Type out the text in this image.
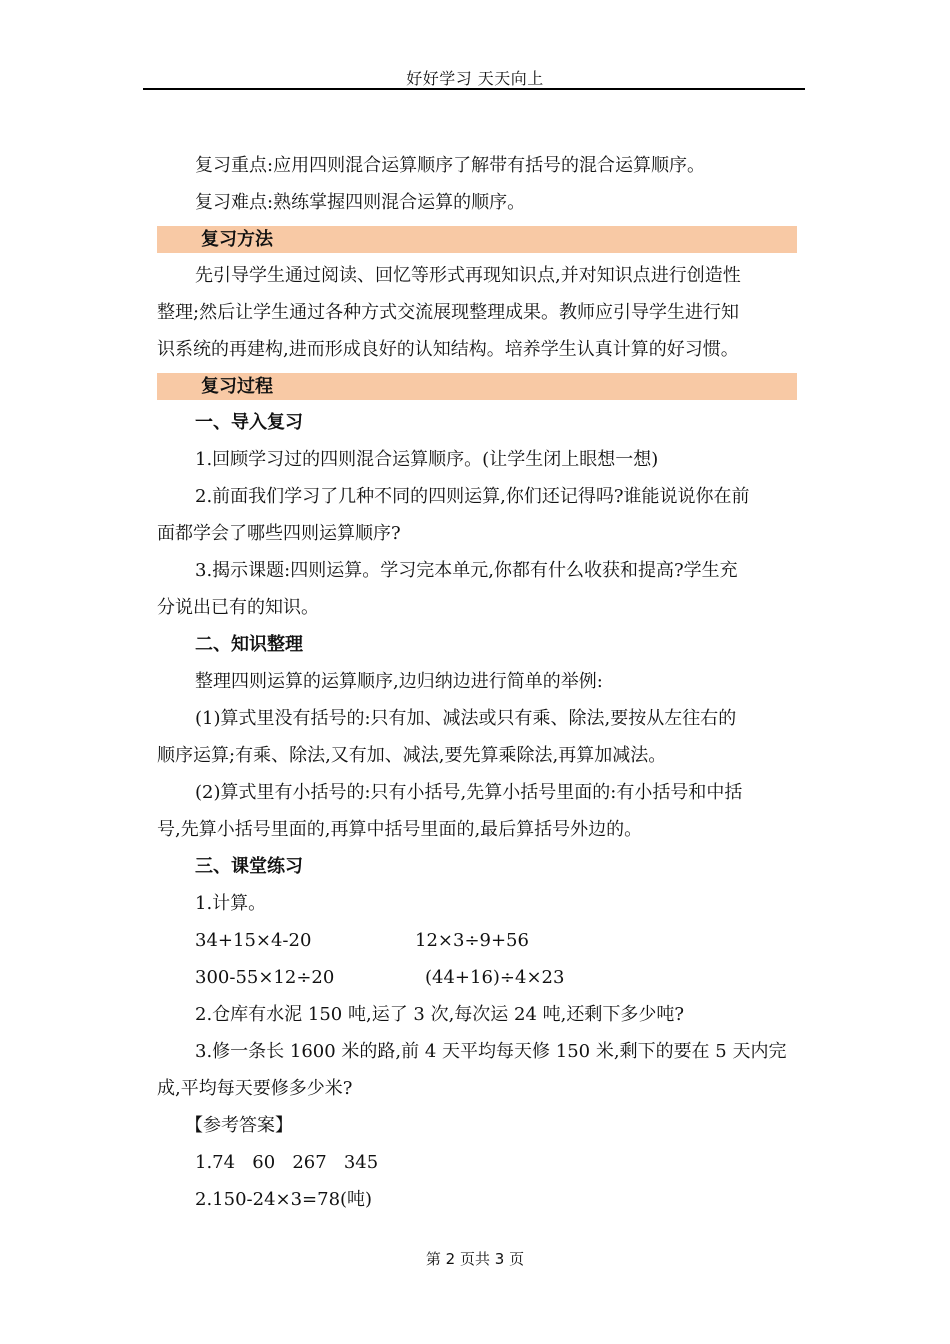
好好学习 天天向上
复习重点:应用四则混合运算顺序了解带有括号的混合运算顺序。
复习难点:熟练掌握四则混合运算的顺序。
复习方法
先引导学生通过阅读、回忆等形式再现知识点,并对知识点进行创造性
整理;然后让学生通过各种方式交流展现整理成果。教师应引导学生进行知
识系统的再建构,进而形成良好的认知结构。培养学生认真计算的好习惯。
复习过程
一、导入复习
1.回顾学习过的四则混合运算顺序。(让学生闭上眼想一想)
2.前面我们学习了几种不同的四则运算,你们还记得吗?谁能说说你在前
面都学会了哪些四则运算顺序?
3.揭示课题:四则运算。学习完本单元,你都有什么收获和提高?学生充
分说出已有的知识。
二、知识整理
整理四则运算的运算顺序,边归纳边进行简单的举例:
(1)算式里没有括号的:只有加、减法或只有乘、除法,要按从左往右的
顺序运算;有乘、除法,又有加、减法,要先算乘除法,再算加减法。
(2)算式里有小括号的:只有小括号,先算小括号里面的:有小括号和中括
号,先算小括号里面的,再算中括号里面的,最后算括号外边的。
三、课堂练习
1.计算。
34+15×4-20	12×3÷9+56
300-55×12÷20	(44+16)÷4×23
2.仓库有水泥 150 吨,运了 3 次,每次运 24 吨,还剩下多少吨?
3.修一条长 1600 米的路,前 4 天平均每天修 150 米,剩下的要在 5 天内完
成,平均每天要修多少米?
【参考答案】
1.74   60   267   345
2.150-24×3=78(吨)
第 2 页共 3 页
